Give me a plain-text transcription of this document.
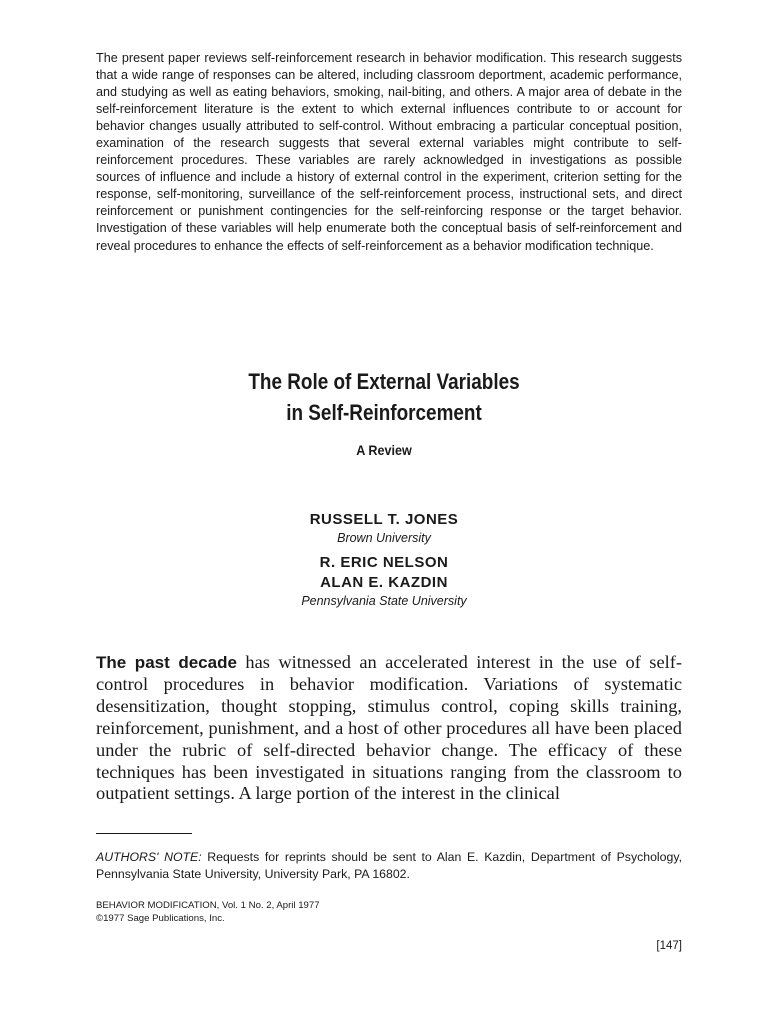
The present paper reviews self-reinforcement research in behavior modification. This research suggests that a wide range of responses can be altered, including classroom deportment, academic performance, and studying as well as eating behaviors, smoking, nail-biting, and others. A major area of debate in the self-reinforcement literature is the extent to which external influences contribute to or account for behavior changes usually attributed to self-control. Without embracing a particular conceptual position, examination of the research suggests that several external variables might contribute to self-reinforcement procedures. These variables are rarely acknowledged in investigations as possible sources of influence and include a history of external control in the experiment, criterion setting for the response, self-monitoring, surveillance of the self-reinforcement process, instructional sets, and direct reinforcement or punishment contingencies for the self-reinforcing response or the target behavior. Investigation of these variables will help enumerate both the conceptual basis of self-reinforcement and reveal procedures to enhance the effects of self-reinforcement as a behavior modification technique.

The Role of External Variables
in Self-Reinforcement
A Review
RUSSELL T. JONES
Brown University
R. ERIC NELSON
ALAN E. KAZDIN
Pennsylvania State University

The past decade has witnessed an accelerated interest in the use of self-control procedures in behavior modification. Variations of systematic desensitization, thought stopping, stimulus control, coping skills training, reinforcement, punishment, and a host of other procedures all have been placed under the rubric of self-directed behavior change. The efficacy of these techniques has been investigated in situations ranging from the classroom to outpatient settings. A large portion of the interest in the clinical

AUTHORS' NOTE: Requests for reprints should be sent to Alan E. Kazdin, Department of Psychology, Pennsylvania State University, University Park, PA 16802.

BEHAVIOR MODIFICATION, Vol. 1 No. 2, April 1977
©1977 Sage Publications, Inc.
[147]
